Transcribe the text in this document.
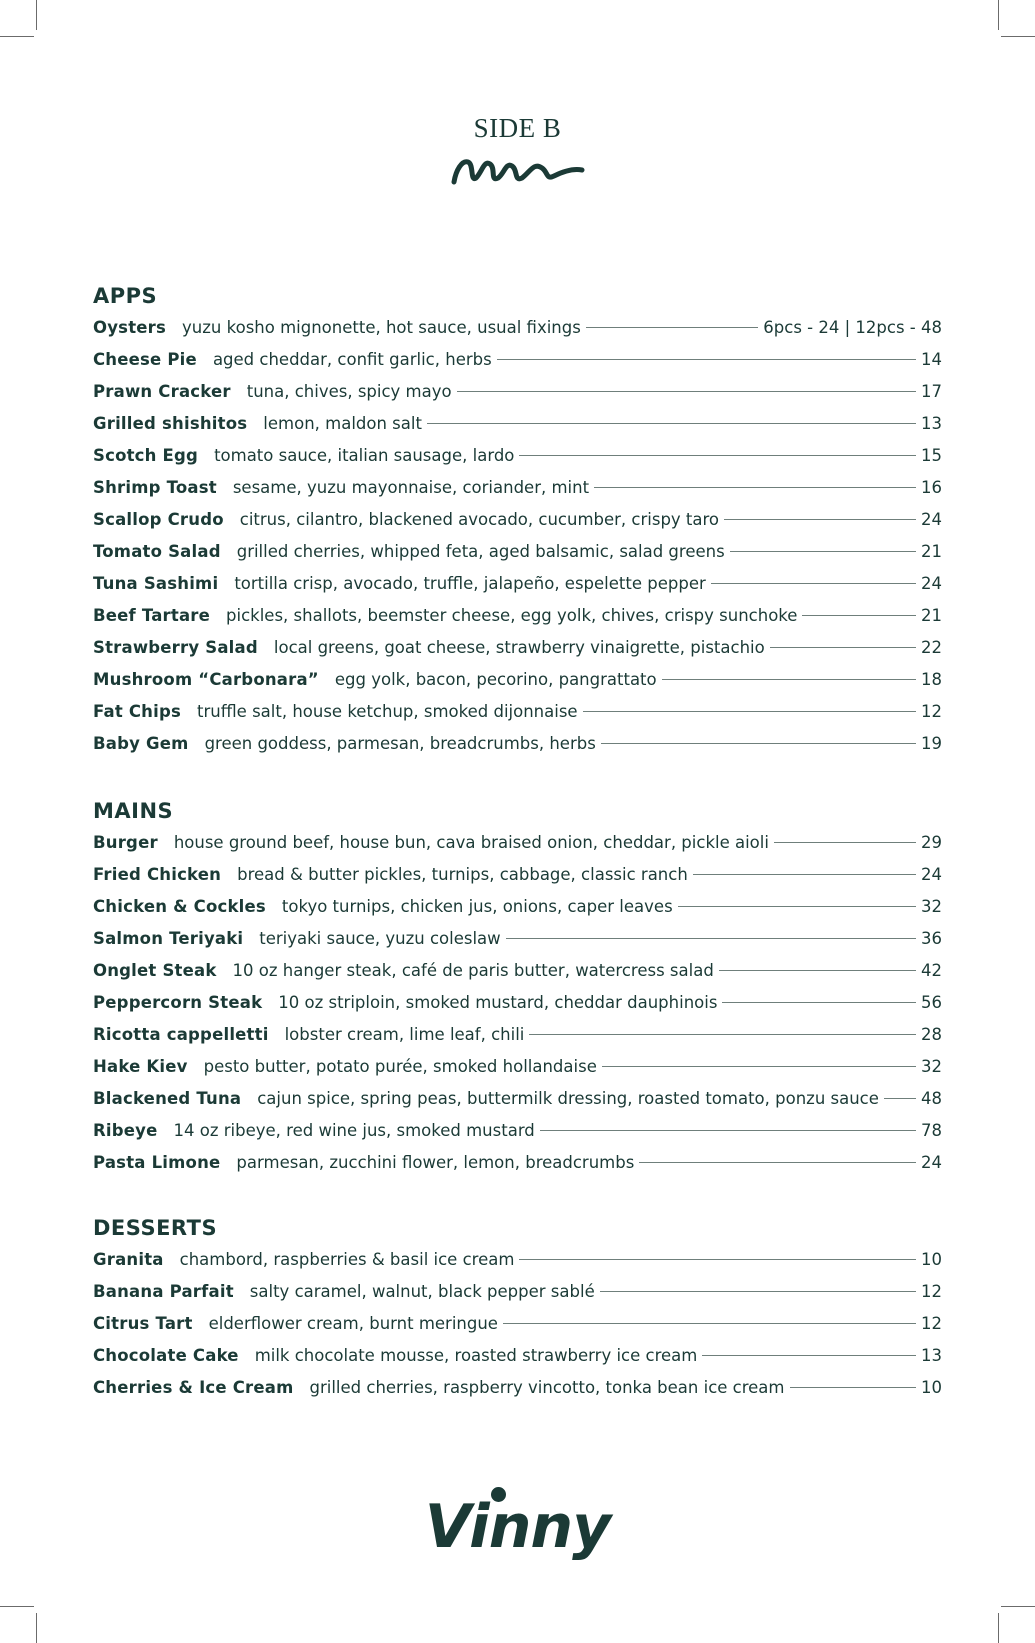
SIDE B
APPS
Oysters yuzu kosho mignonette, hot sauce, usual fixings	6pcs - 24 | 12pcs - 48
Cheese Pie aged cheddar, confit garlic, herbs	14
Prawn Cracker tuna, chives, spicy mayo	17
Grilled shishitos lemon, maldon salt	13
Scotch Egg tomato sauce, italian sausage, lardo	15
Shrimp Toast sesame, yuzu mayonnaise, coriander, mint	16
Scallop Crudo citrus, cilantro, blackened avocado, cucumber, crispy taro	24
Tomato Salad grilled cherries, whipped feta, aged balsamic, salad greens	21
Tuna Sashimi tortilla crisp, avocado, truffle, jalapeño, espelette pepper	24
Beef Tartare pickles, shallots, beemster cheese, egg yolk, chives, crispy sunchoke	21
Strawberry Salad local greens, goat cheese, strawberry vinaigrette, pistachio	22
Mushroom “Carbonara” egg yolk, bacon, pecorino, pangrattato	18
Fat Chips truffle salt, house ketchup, smoked dijonnaise	12
Baby Gem green goddess, parmesan, breadcrumbs, herbs	19
MAINS
Burger house ground beef, house bun, cava braised onion, cheddar, pickle aioli	29
Fried Chicken bread & butter pickles, turnips, cabbage, classic ranch	24
Chicken & Cockles tokyo turnips, chicken jus, onions, caper leaves	32
Salmon Teriyaki teriyaki sauce, yuzu coleslaw	36
Onglet Steak 10 oz hanger steak, café de paris butter, watercress salad	42
Peppercorn Steak 10 oz striploin, smoked mustard, cheddar dauphinois	56
Ricotta cappelletti lobster cream, lime leaf, chili	28
Hake Kiev pesto butter, potato purée, smoked hollandaise	32
Blackened Tuna cajun spice, spring peas, buttermilk dressing, roasted tomato, ponzu sauce	48
Ribeye 14 oz ribeye, red wine jus, smoked mustard	78
Pasta Limone parmesan, zucchini flower, lemon, breadcrumbs	24
DESSERTS
Granita chambord, raspberries & basil ice cream	10
Banana Parfait salty caramel, walnut, black pepper sablé	12
Citrus Tart elderflower cream, burnt meringue	12
Chocolate Cake milk chocolate mousse, roasted strawberry ice cream	13
Cherries & Ice Cream grilled cherries, raspberry vincotto, tonka bean ice cream	10
Vinny
